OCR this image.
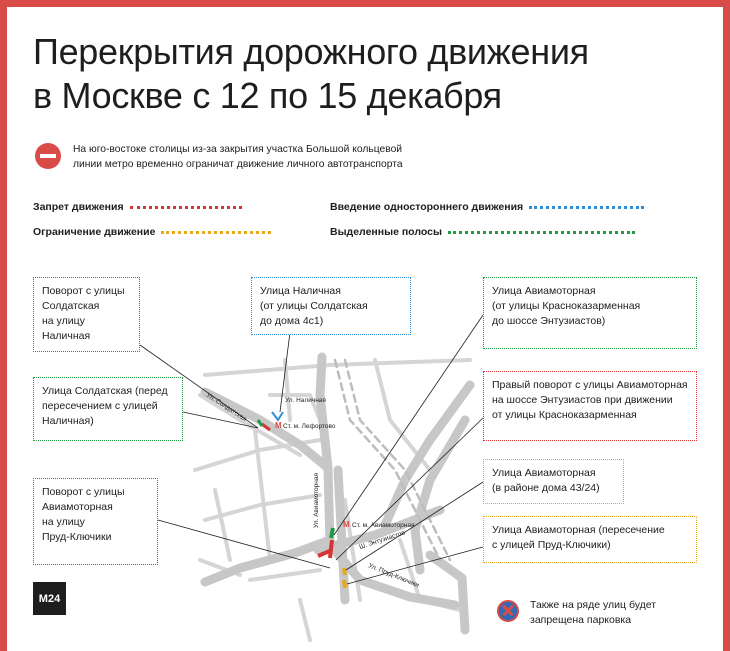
Перекрытия дорожного движения
в Москве с 12 по 15 декабря
На юго-востоке столицы из-за закрытия участка Большой кольцевой линии метро временно ограничат движение личного автотранспорта
Запрет движения	Введение одностороннего движения
Ограничение движение	Выделенные полосы
Ул. Солдатская	Ул. Наличная
Ст. м. Лефортово
Ул. Авиамоторная	Ст. м. Авиамоторная
Ш. Энтузиастов
Ул. Пруд-Ключики
М
М
Поворот с улицы
Солдатская
на улицу
Наличная
Улица Наличная
(от улицы Солдатская
до дома 4с1)
Улица Авиамоторная
(от улицы Красноказарменная
до шоссе Энтузиастов)
Улица Солдатская (перед
пересечением с улицей
Наличная)
Правый поворот с улицы Авиамоторная
на шоссе Энтузиастов при движении
от улицы Красноказарменная
Улица Авиамоторная
(в районе дома 43/24)
Поворот с улицы
Авиамоторная
на улицу
Пруд-Ключики
Улица Авиамоторная (пересечение
с улицей Пруд-Ключики)
M24
Также на ряде улиц будет запрещена парковка
